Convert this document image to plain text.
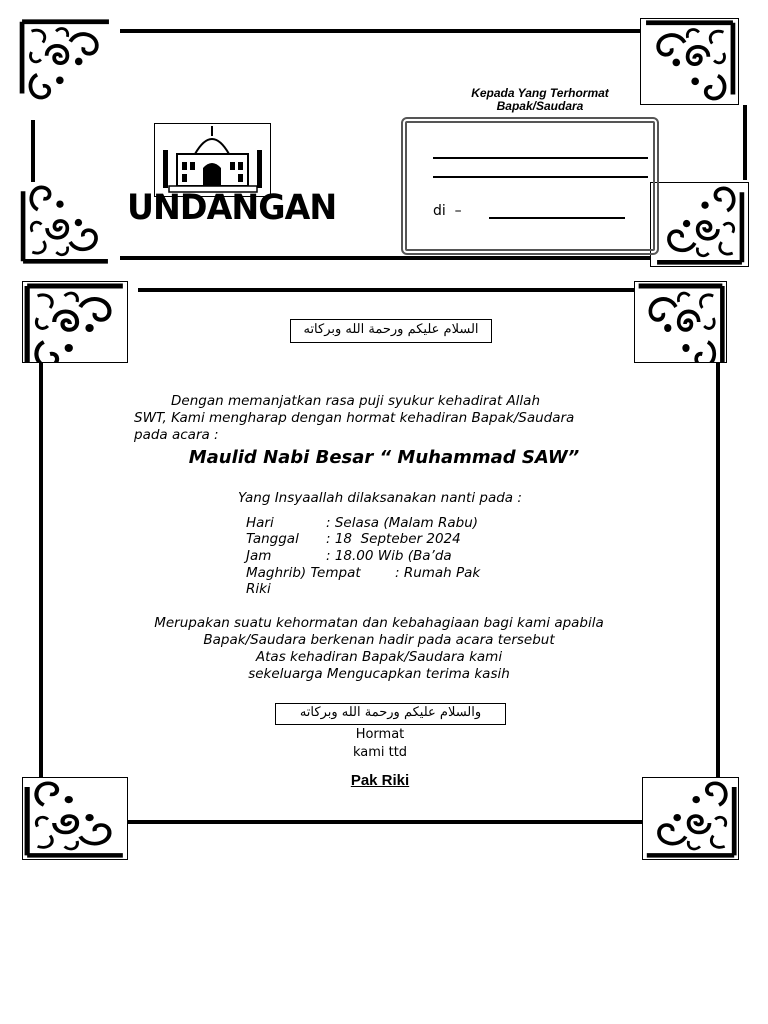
UNDANGAN
Kepada Yang Terhormat
Bapak/Saudara
di  –
السلام عليكم ورحمة الله وبركاته
Dengan memanjatkan rasa puji syukur kehadirat Allah
SWT, Kami mengharap dengan hormat kehadiran Bapak/Saudara
pada acara :
Maulid Nabi Besar “ Muhammad SAW”
Yang Insyaallah dilaksanakan nanti pada :
Hari	: Selasa (Malam Rabu)
Tanggal : 18  Septeber 2024
Jam	: 18.00 Wib (Ba’da
Maghrib) Tempat        : Rumah Pak
Riki
Merupakan suatu kehormatan dan kebahagiaan bagi kami apabila
Bapak/Saudara berkenan hadir pada acara tersebut
Atas kehadiran Bapak/Saudara kami
sekeluarga Mengucapkan terima kasih
والسلام عليكم ورحمة الله وبركاته
Hormat
kami ttd
Pak Riki
